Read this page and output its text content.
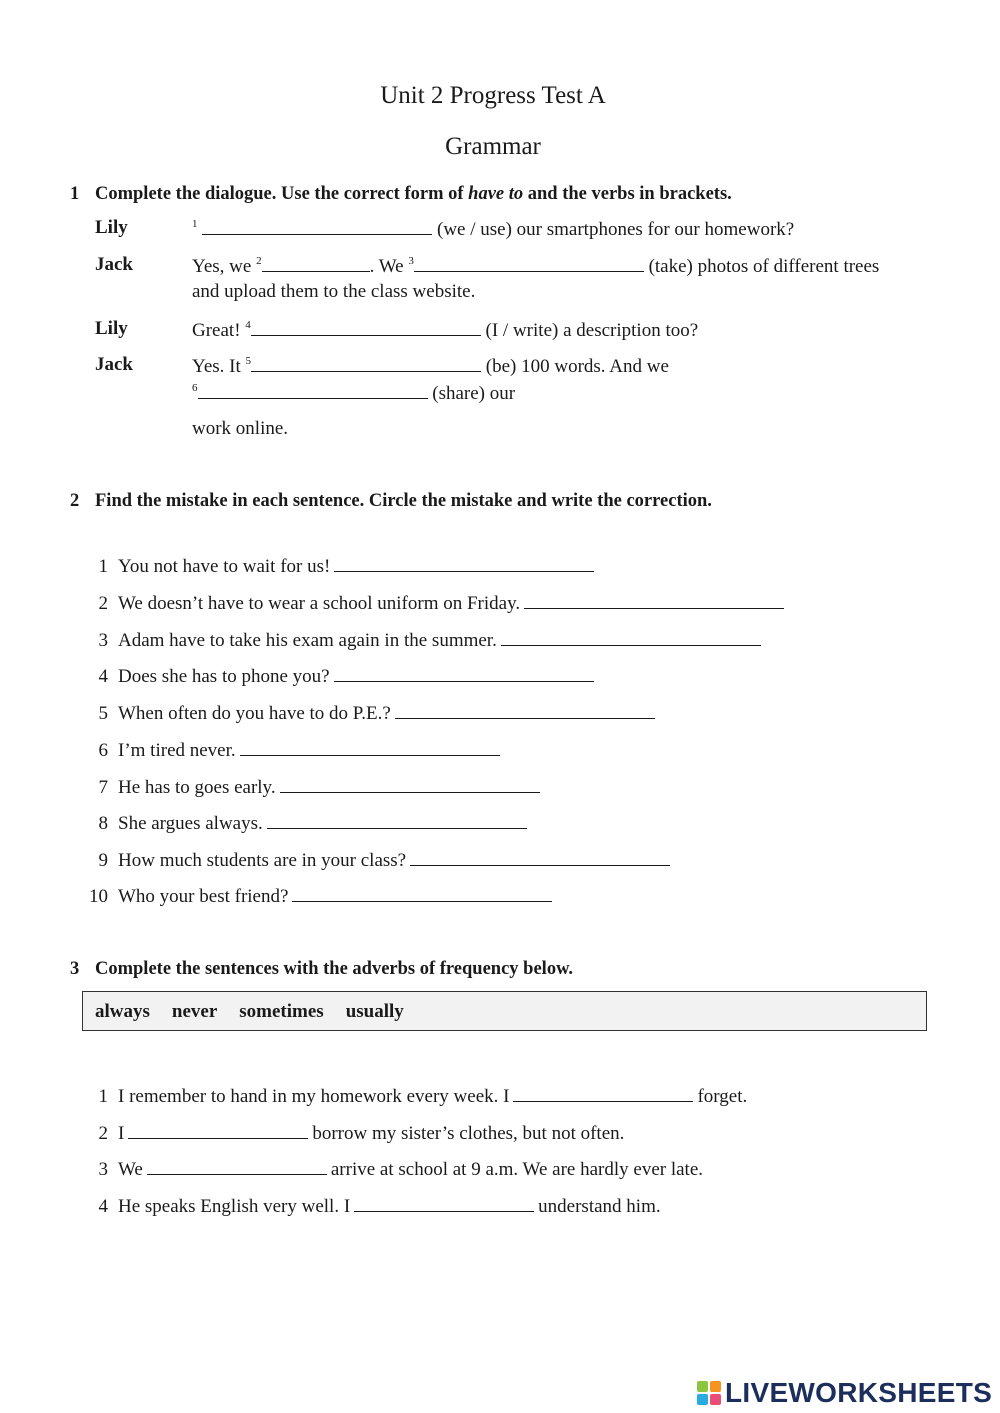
Unit 2 Progress Test A
Grammar
1 Complete the dialogue. Use the correct form of have to and the verbs in brackets.
Lily	$^1$	(we / use) our smartphones for our homework?
Jack	Yes, we $^2$	. We $^3$	(take) photos of different trees
and upload them to the class website.
Lily	Great! $^4$	(I / write) a description too?
Jack	Yes. It $^5$	(be) 100 words. And we
$^6$	(share) our
work online.
2 Find the mistake in each sentence. Circle the mistake and write the correction.
1 You not have to wait for us!
2 We doesn’t have to wear a school uniform on Friday.
3 Adam have to take his exam again in the summer.
4 Does she has to phone you?
5 When often do you have to do P.E.?
6 I’m tired never.
7 He has to goes early.
8 She argues always.
9 How much students are in your class?
10 Who your best friend?
3 Complete the sentences with the adverbs of frequency below.
always never sometimes usually
1 I remember to hand in my homework every week. I	forget.
2 I	borrow my sister’s clothes, but not often.
3 We	arrive at school at 9 a.m. We are hardly ever late.
4 He speaks English very well. I	understand him.
LIVEWORKSHEETS
